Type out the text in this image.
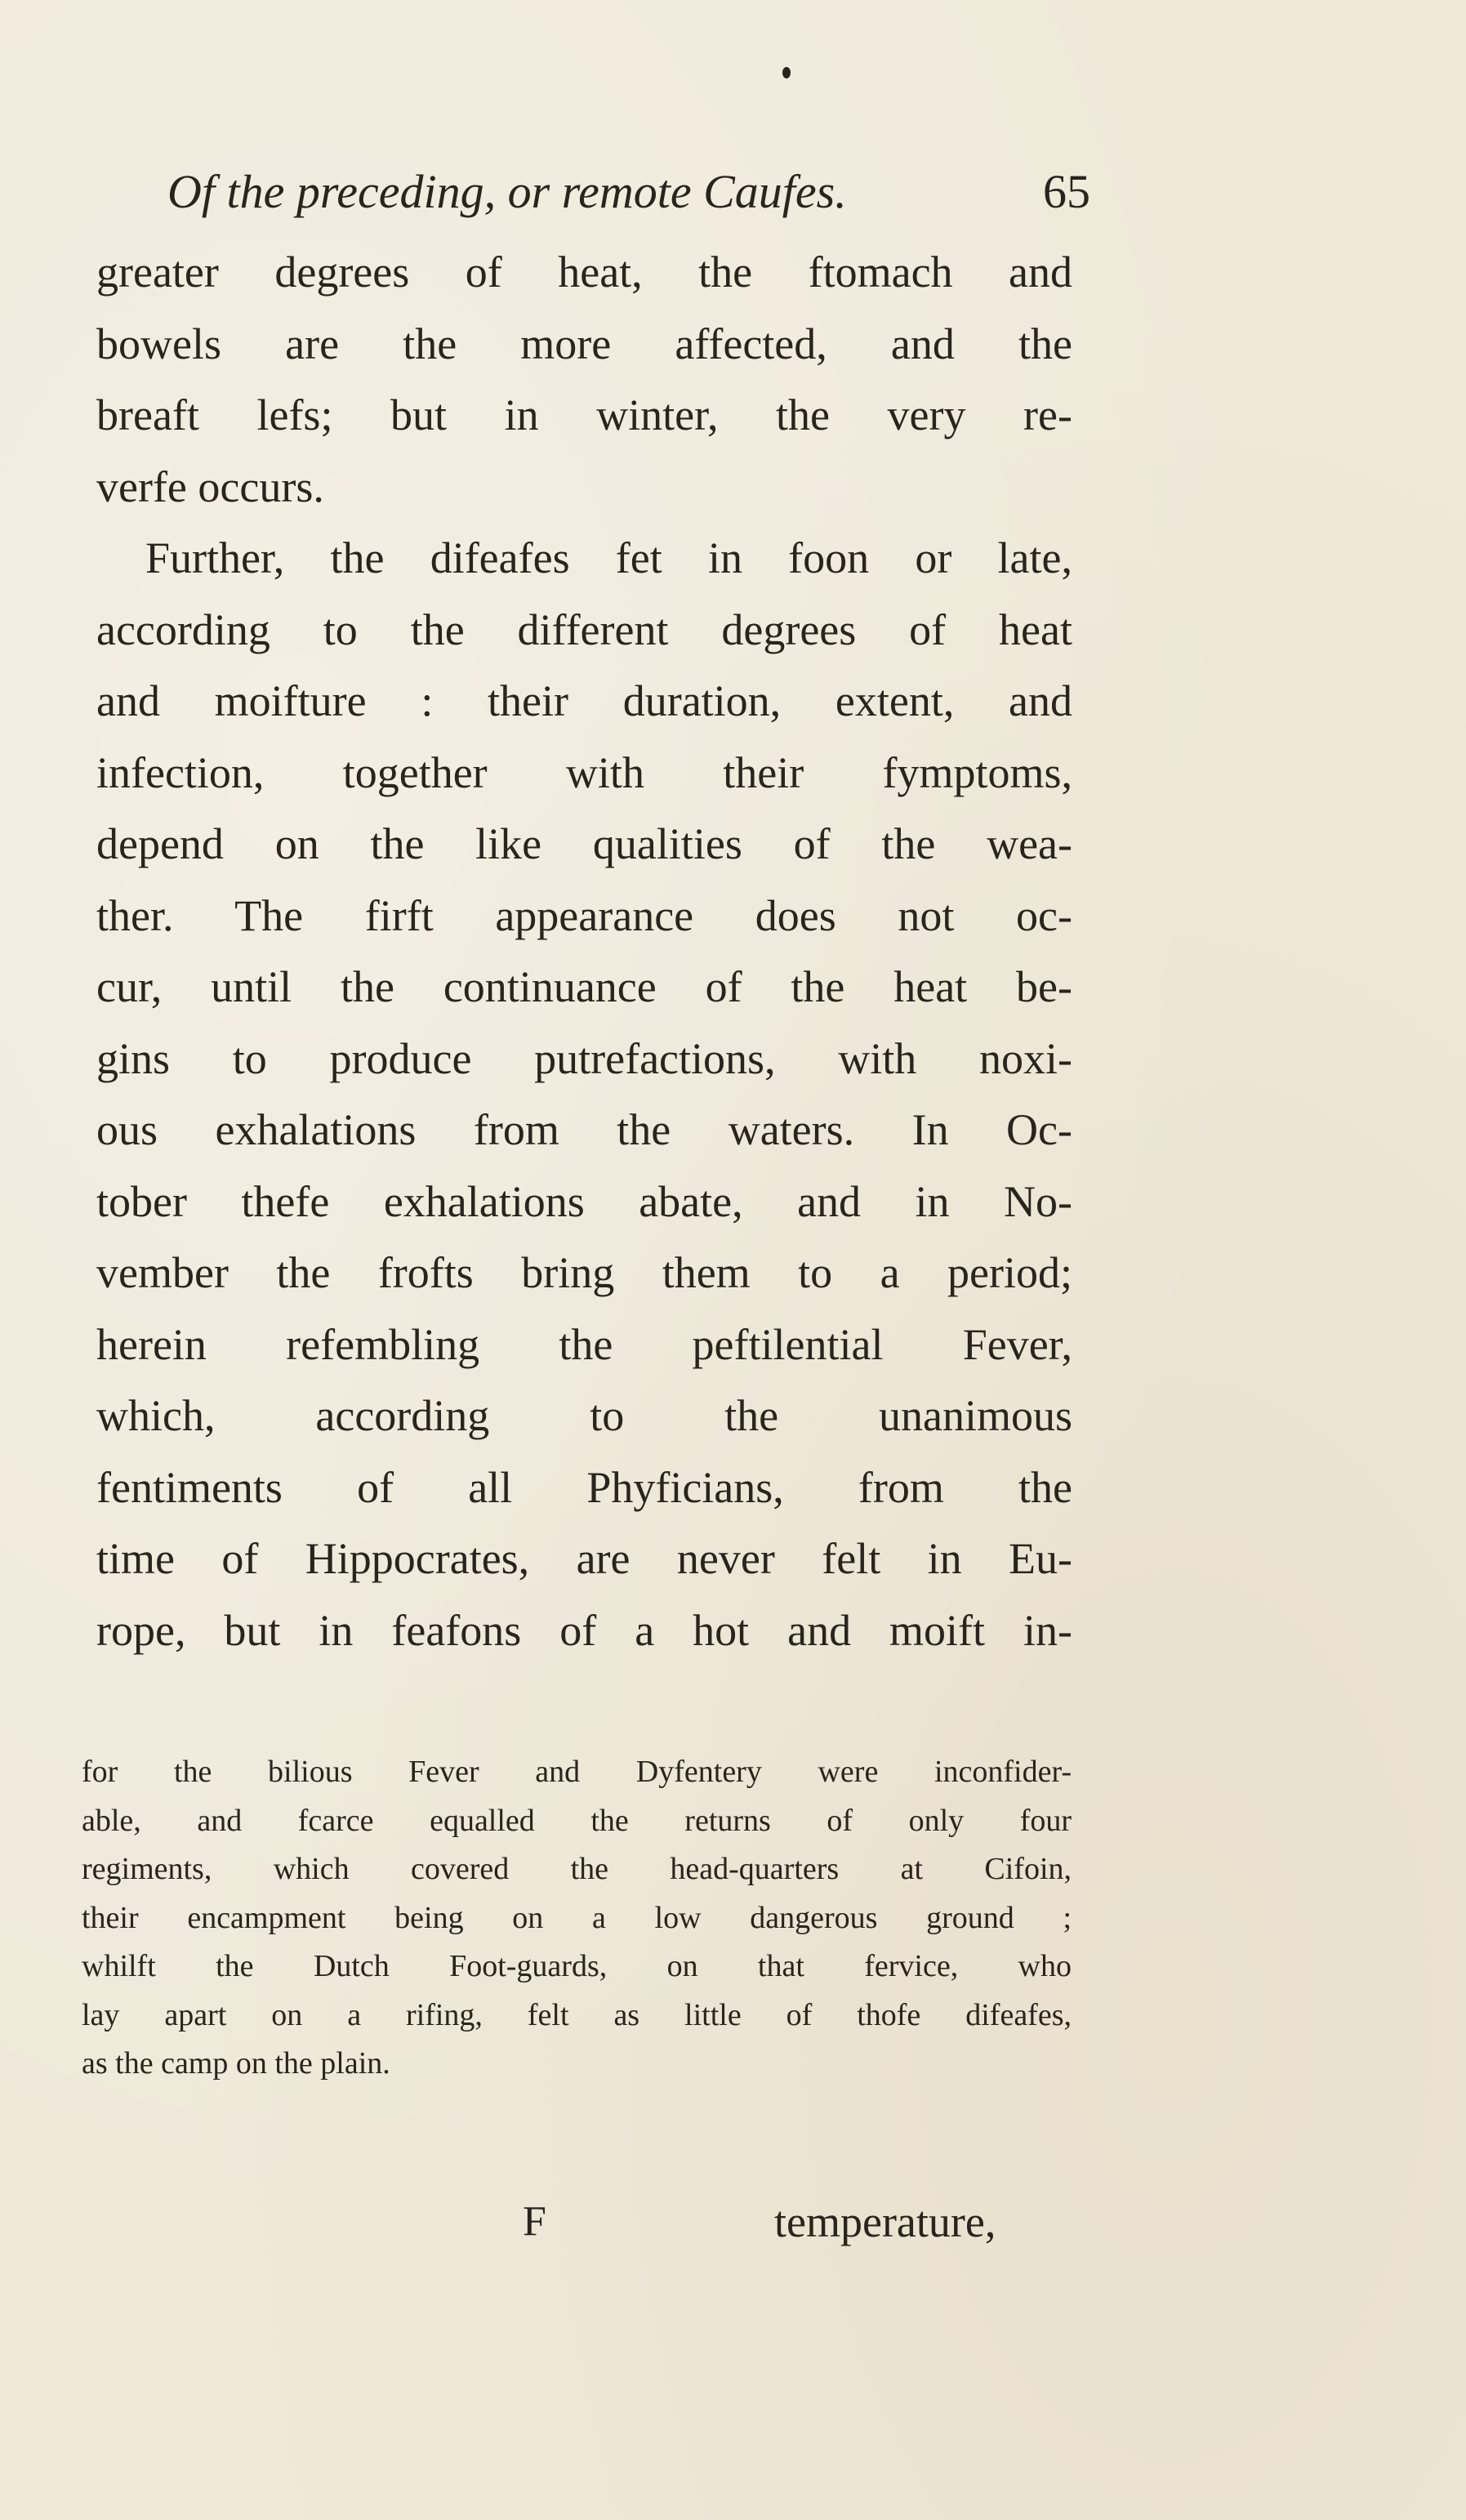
Of the preceding, or remote Caufes.	65
greater degrees of heat, the ftomach and
bowels are the more affected, and the
breaft lefs; but in winter, the very re-
verfe occurs.
Further, the difeafes fet in foon or late,
according to the different degrees of heat
and moifture : their duration, extent, and
infection, together with their fymptoms,
depend on the like qualities of the wea-
ther. The firft appearance does not oc-
cur, until the continuance of the heat be-
gins to produce putrefactions, with noxi-
ous exhalations from the waters. In Oc-
tober thefe exhalations abate, and in No-
vember the frofts bring them to a period;
herein refembling the peftilential Fever,
which, according to the unanimous
fentiments of all Phyficians, from the
time of Hippocrates, are never felt in Eu-
rope, but in feafons of a hot and moift in-
for the bilious Fever and Dyfentery were inconfider-
able, and fcarce equalled the returns of only four
regiments, which covered the head-quarters at Cifoin,
their encampment being on a low dangerous ground ;
whilft the Dutch Foot-guards, on that fervice, who
lay apart on a rifing, felt as little of thofe difeafes,
as the camp on the plain.
F	temperature,
